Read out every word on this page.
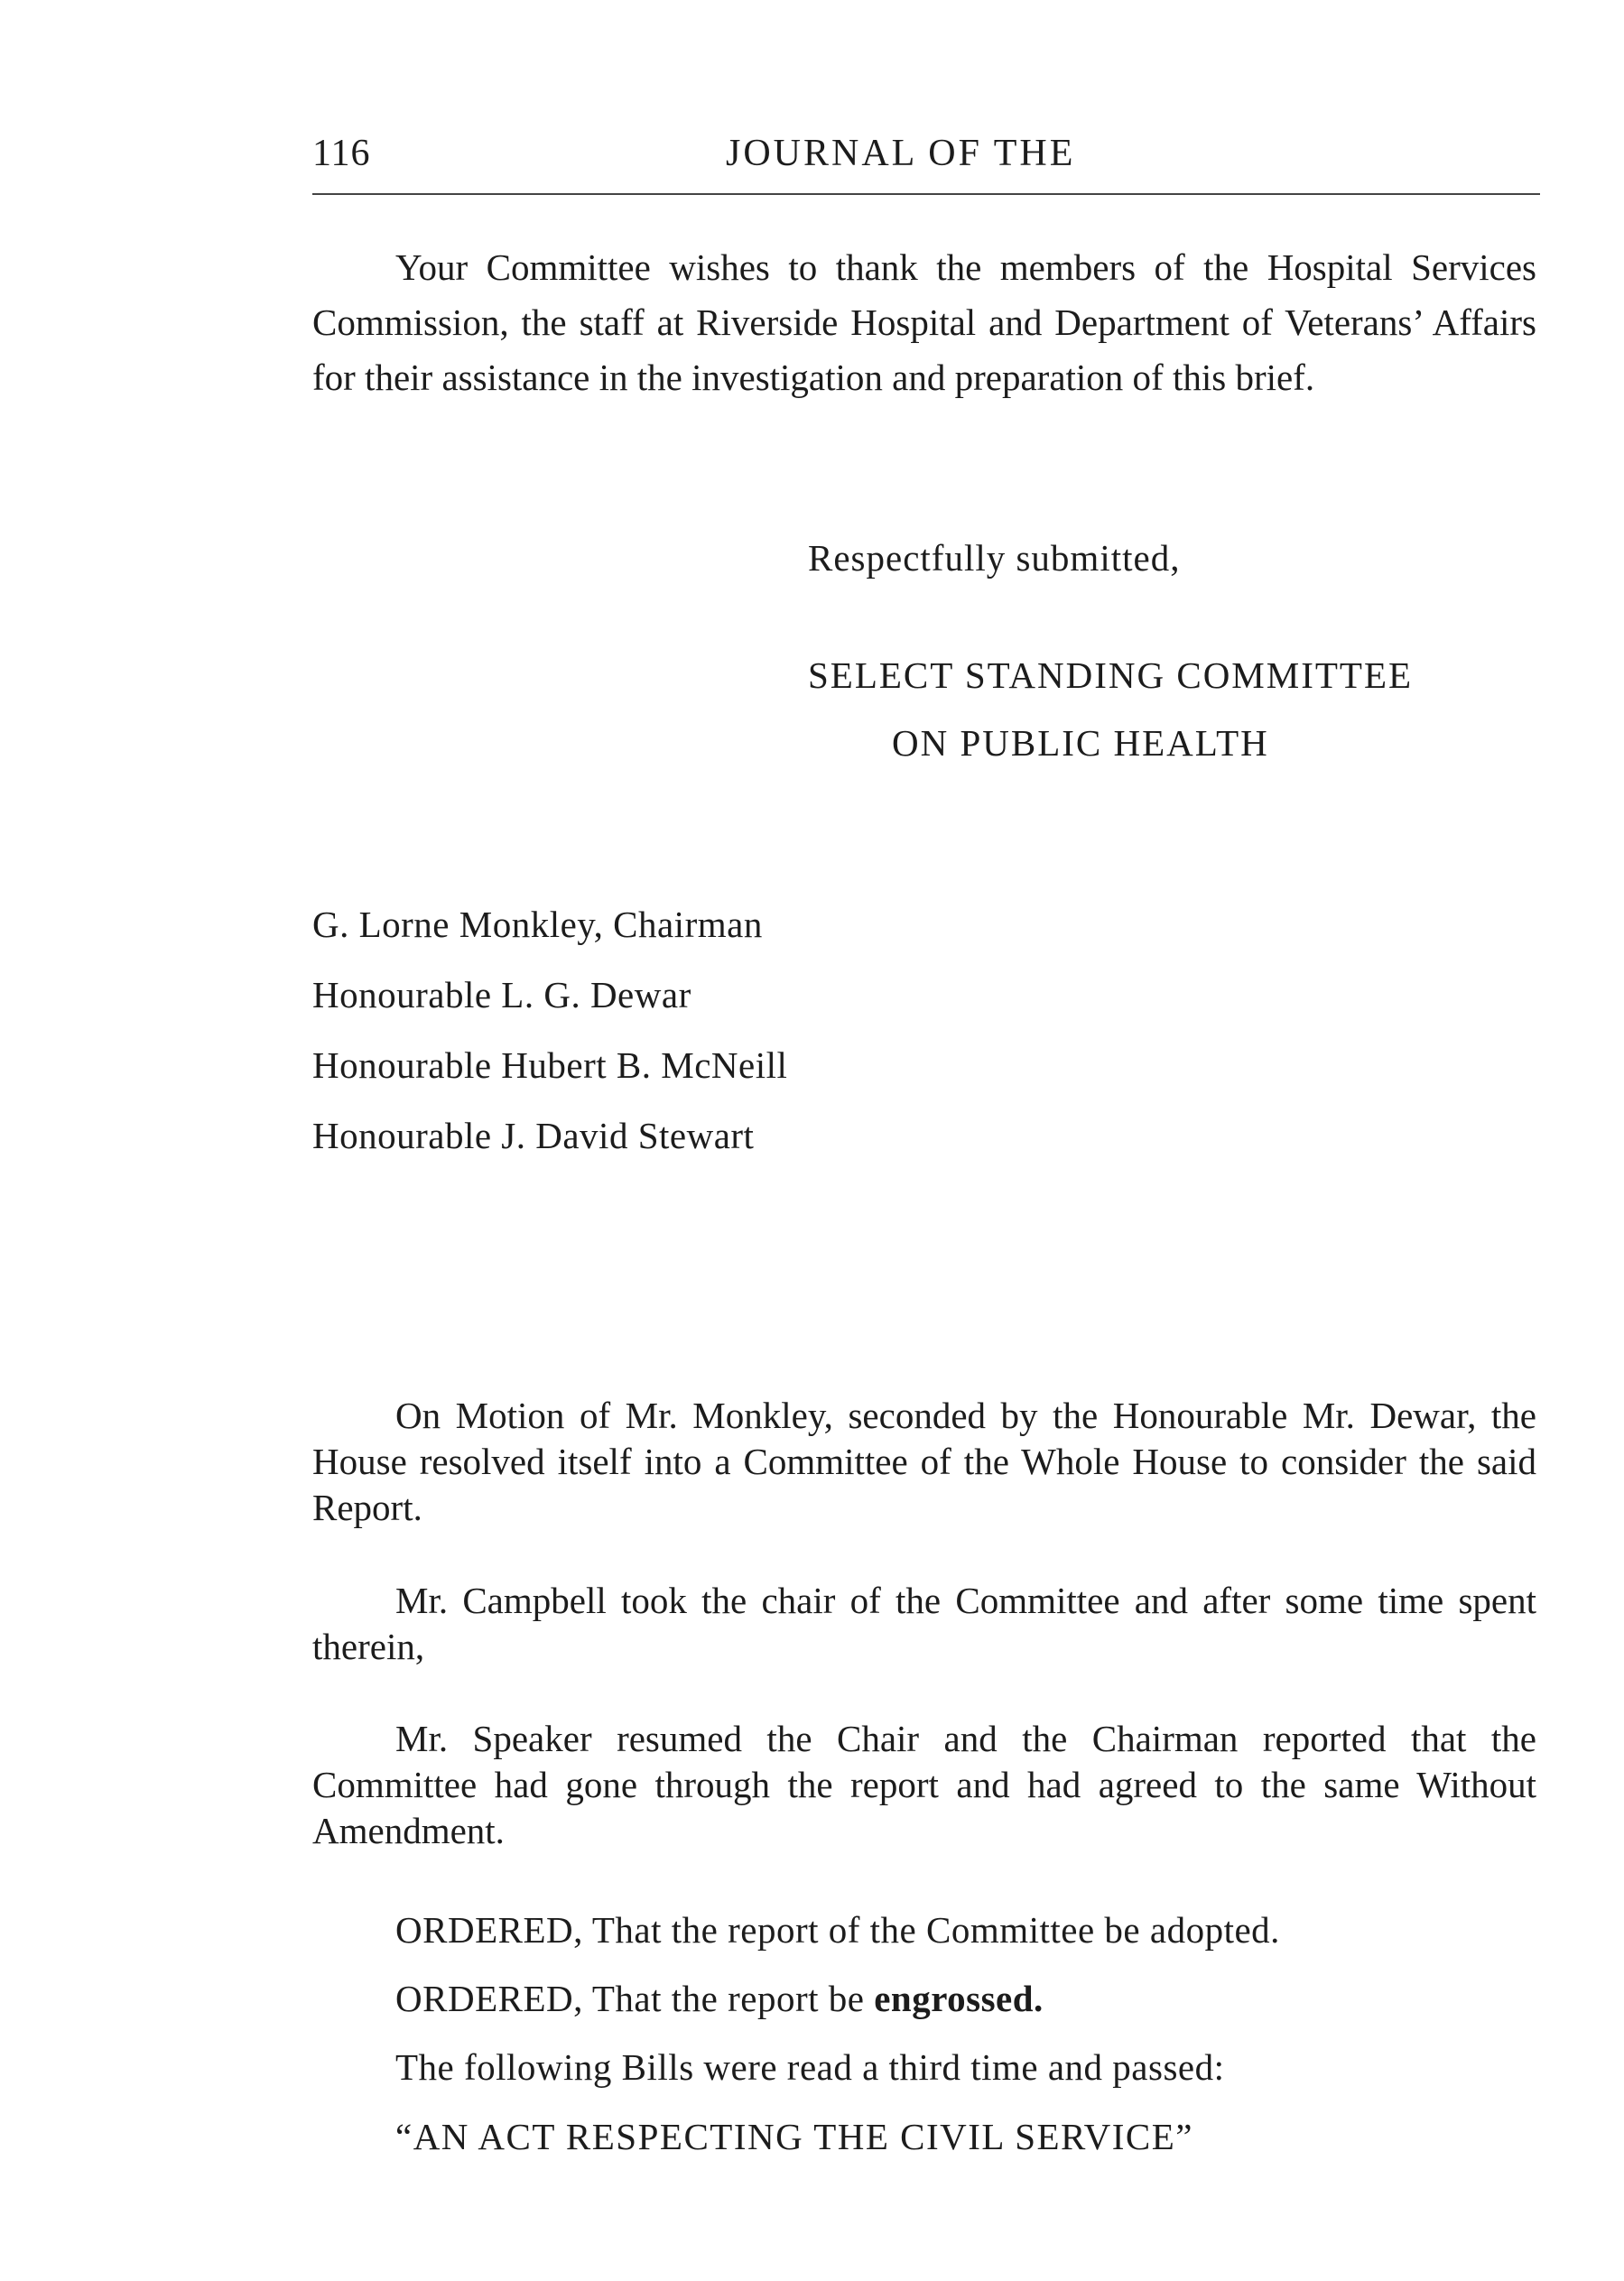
116	JOURNAL OF THE

Your Committee wishes to thank the members of the Hospital Services Commission, the staff at Riverside Hospital and Department of Veterans’ Affairs for their assistance in the investigation and preparation of this brief.

Respectfully submitted,
SELECT STANDING COMMITTEE
ON PUBLIC HEALTH
G. Lorne Monkley, Chairman
Honourable L. G. Dewar
Honourable Hubert B. McNeill
Honourable J. David Stewart

On Motion of Mr. Monkley, seconded by the Honourable Mr. Dewar, the House resolved itself into a Committee of the Whole House to consider the said Report.

Mr. Campbell took the chair of the Committee and after some time spent therein,

Mr. Speaker resumed the Chair and the Chairman reported that the Committee had gone through the report and had agreed to the same Without Amendment.

ORDERED, That the report of the Committee be adopted.
ORDERED, That the report be engrossed.
The following Bills were read a third time and passed:
“AN ACT RESPECTING THE CIVIL SERVICE”
